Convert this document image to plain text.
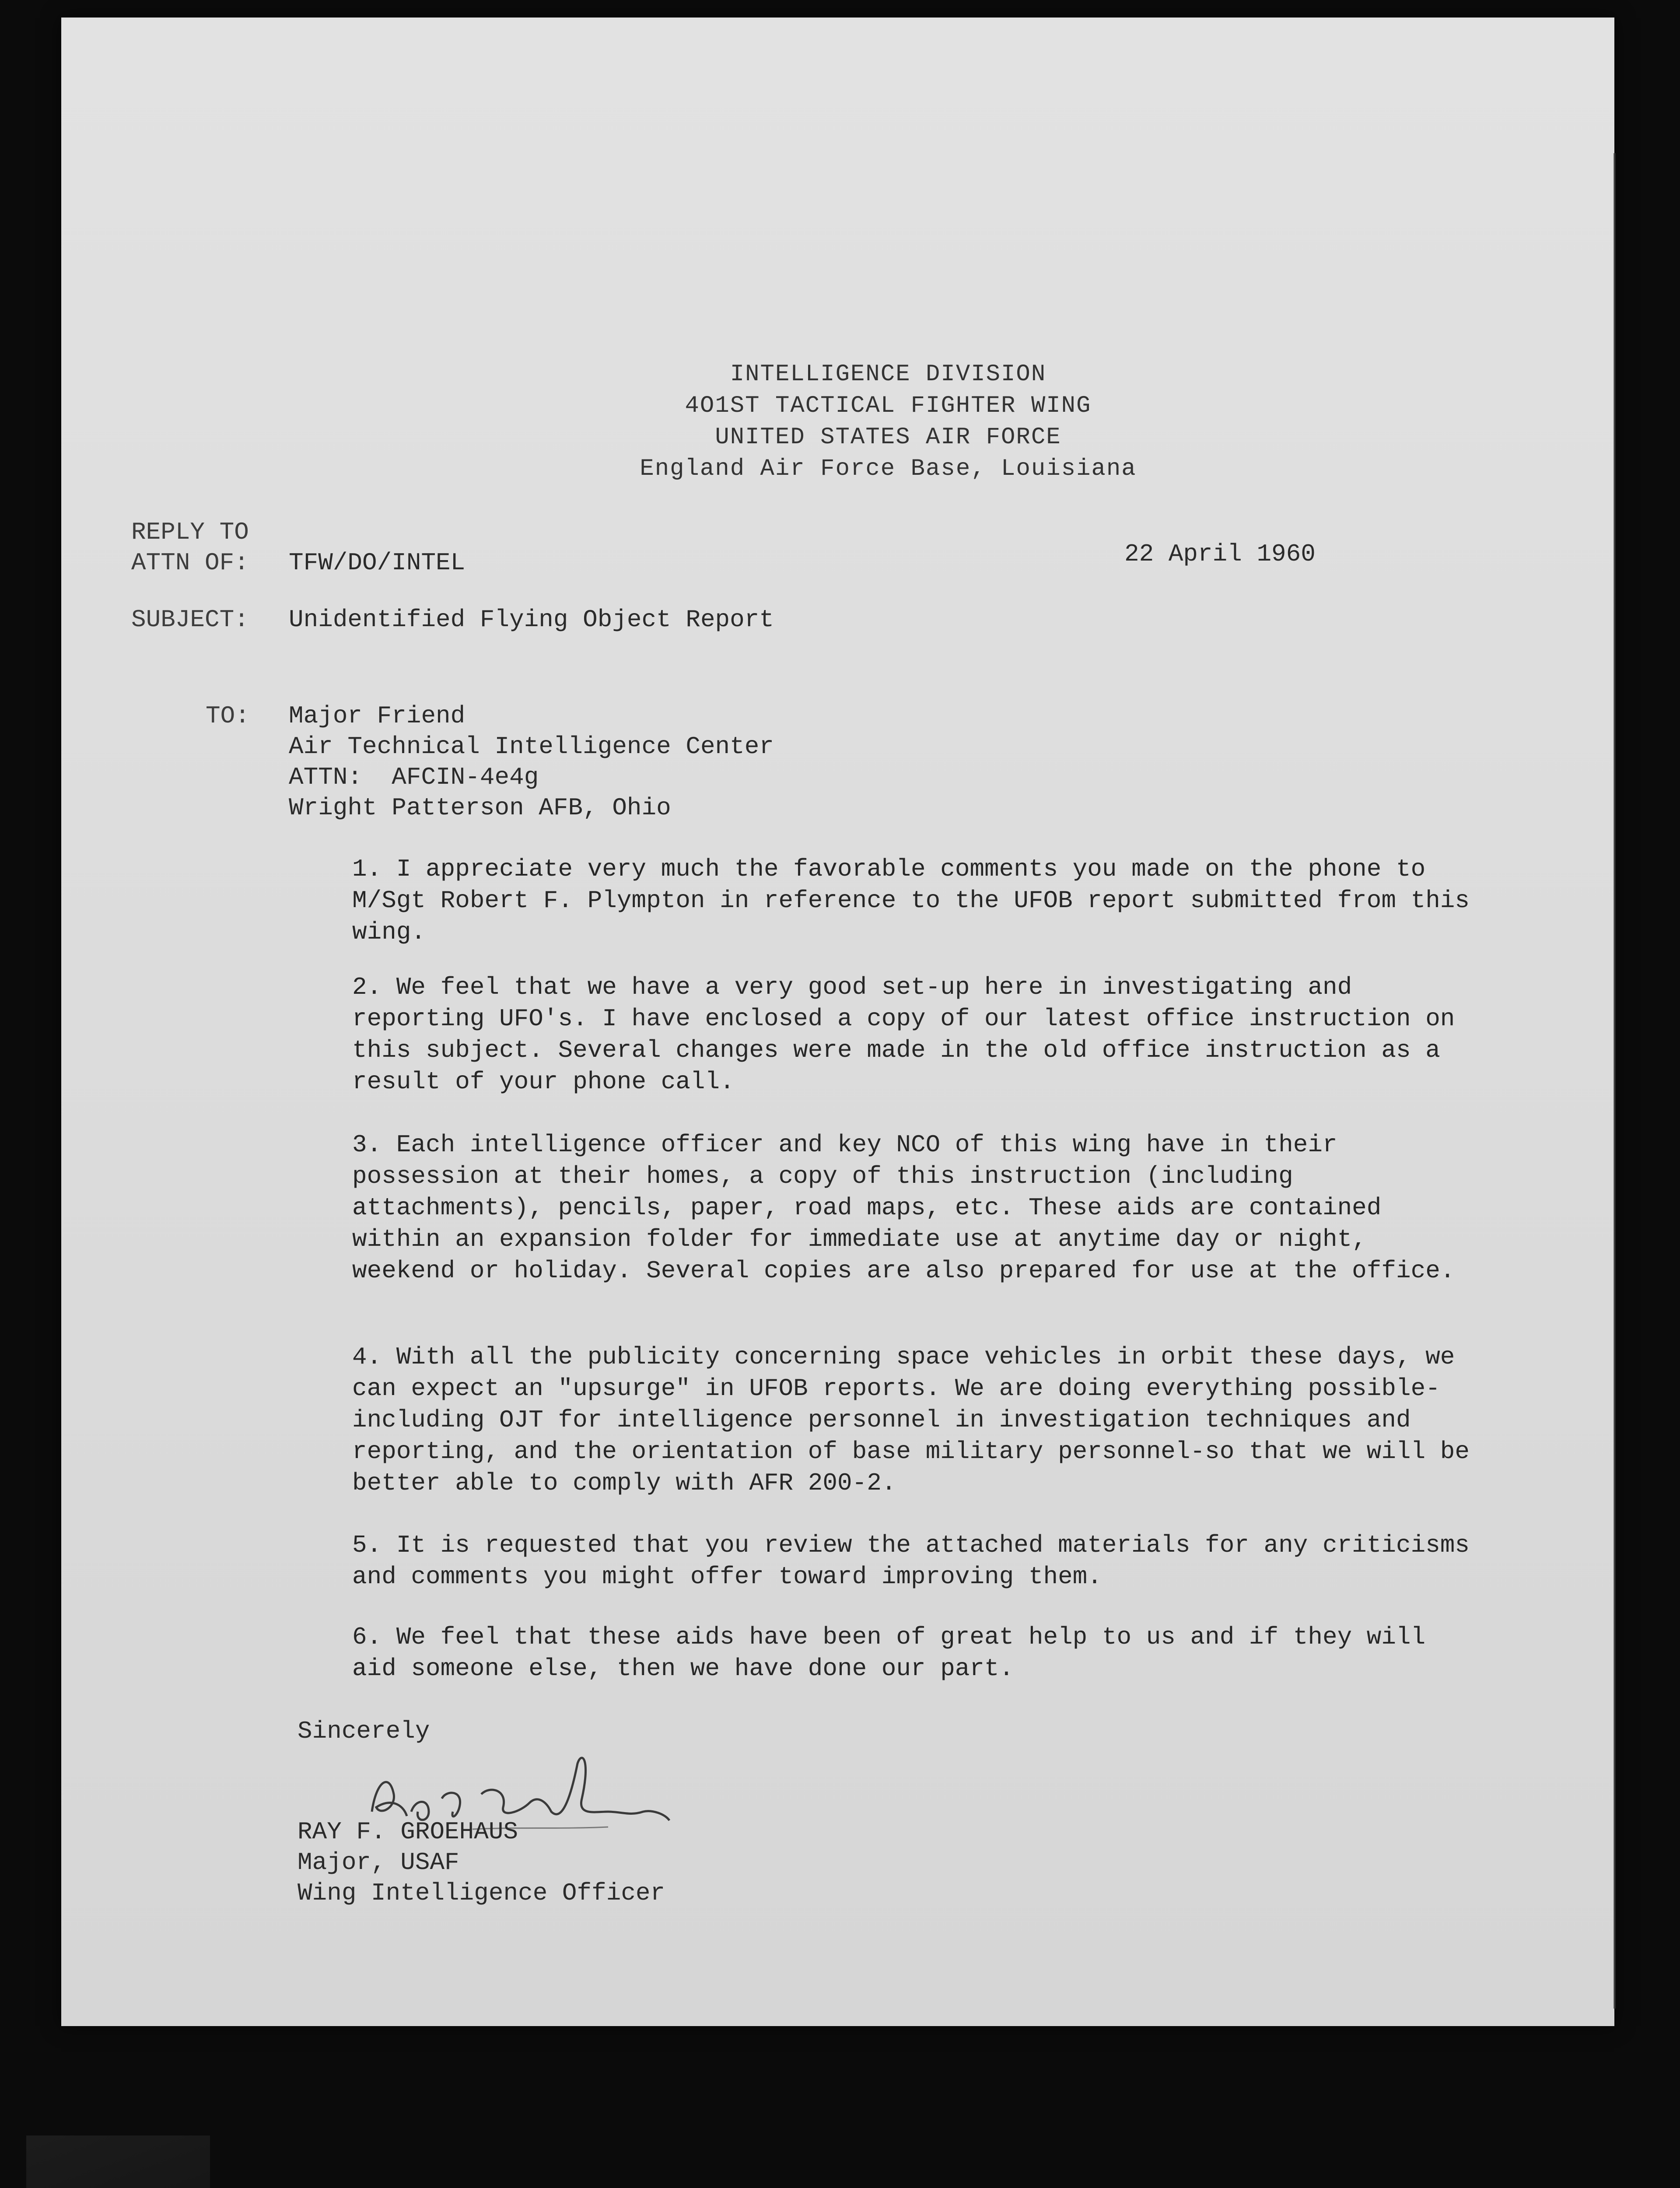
INTELLIGENCE DIVISION
4O1ST TACTICAL FIGHTER WING
UNITED STATES AIR FORCE
England Air Force Base, Louisiana
REPLY TO
ATTN OF: TFW/DO/INTEL	22 April 1960
SUBJECT: Unidentified Flying Object Report
TO: Major Friend
Air Technical Intelligence Center
ATTN:  AFCIN-4e4g
Wright Patterson AFB, Ohio
1. I appreciate very much the favorable comments you made on the phone to M/Sgt Robert F. Plympton in reference to the UFOB report submitted from this wing.
2. We feel that we have a very good set-up here in investigating and reporting UFO's. I have enclosed a copy of our latest office instruction on this subject. Several changes were made in the old office instruction as a result of your phone call.
3. Each intelligence officer and key NCO of this wing have in their possession at their homes, a copy of this instruction (including attachments), pencils, paper, road maps, etc. These aids are contained within an expansion folder for immediate use at anytime day or night, weekend or holiday. Several copies are also prepared for use at the office.
4. With all the publicity concerning space vehicles in orbit these days, we can expect an "upsurge" in UFOB reports. We are doing everything possible-including OJT for intelligence personnel in investigation techniques and reporting, and the orientation of base military personnel-so that we will be better able to comply with AFR 200-2.
5. It is requested that you review the attached materials for any criticisms and comments you might offer toward improving them.
6. We feel that these aids have been of great help to us and if they will aid someone else, then we have done our part.
Sincerely
RAY F. GROEHAUS
Major, USAF
Wing Intelligence Officer
